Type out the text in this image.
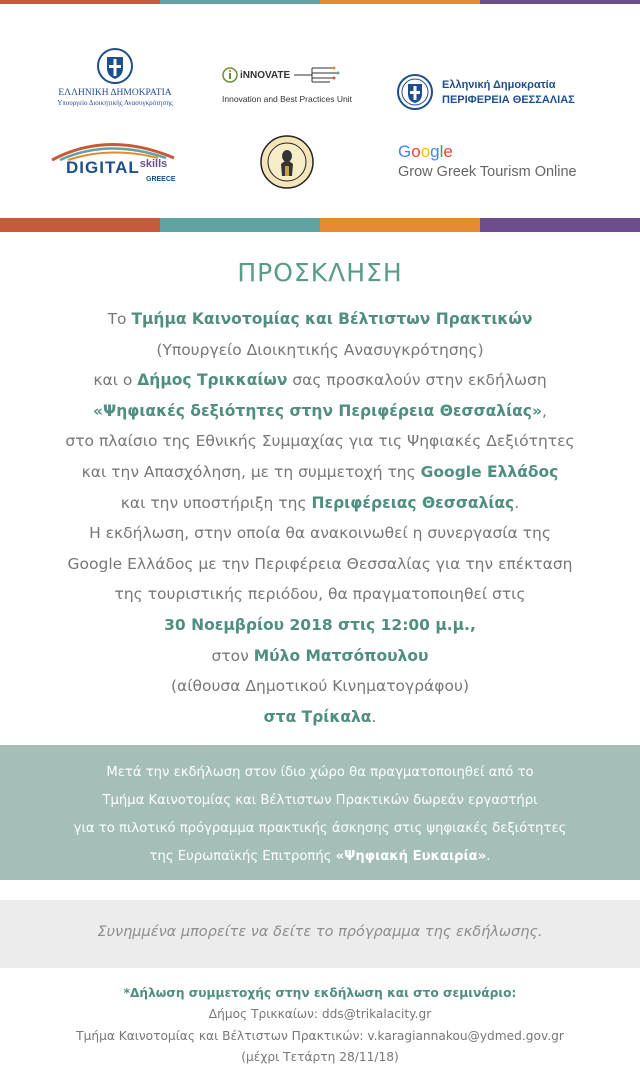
ΕΛΛΗΝΙΚΗ ΔΗΜΟΚΡΑΤΙΑ
Υπουργείο Διοικητικής Ανασυγκρότησης
iNNOVATE
Innovation and Best Practices Unit
Ελληνική Δημοκρατία
ΠΕΡΙΦΕΡΕΙΑ ΘΕΣΣΑΛΙΑΣ
$DIGITAL^{skills}$
GREECE
Google
Grow Greek Tourism Online
ΠΡΟΣΚΛΗΣΗ

Το Τμήμα Καινοτομίας και Βέλτιστων Πρακτικών

(Υπουργείο Διοικητικής Ανασυγκρότησης)

και ο Δήμος Τρικκαίων σας προσκαλούν στην εκδήλωση

«Ψηφιακές δεξιότητες στην Περιφέρεια Θεσσαλίας»,

στο πλαίσιο της Εθνικής Συμμαχίας για τις Ψηφιακές Δεξιότητες

και την Απασχόληση, με τη συμμετοχή της Google Ελλάδος

και την υποστήριξη της Περιφέρειας Θεσσαλίας.

Η εκδήλωση, στην οποία θα ανακοινωθεί η συνεργασία της

Google Ελλάδος με την Περιφέρεια Θεσσαλίας για την επέκταση

της τουριστικής περιόδου, θα πραγματοποιηθεί στις

30 Νοεμβρίου 2018 στις 12:00 μ.μ.,

στον Μύλο Ματσόπουλου

(αίθουσα Δημοτικού Κινηματογράφου)

στα Τρίκαλα.

Μετά την εκδήλωση στον ίδιο χώρο θα πραγματοποιηθεί από το

Τμήμα Καινοτομίας και Βέλτιστων Πρακτικών δωρεάν εργαστήρι

για το πιλοτικό πρόγραμμα πρακτικής άσκησης στις ψηφιακές δεξιότητες

της Ευρωπαϊκής Επιτροπής «Ψηφιακή Ευκαιρία».

Συνημμένα μπορείτε να δείτε το πρόγραμμα της εκδήλωσης.

*Δήλωση συμμετοχής στην εκδήλωση και στο σεμινάριο:

Δήμος Τρικκαίων: dds@trikalacity.gr

Τμήμα Καινοτομίας και Βέλτιστων Πρακτικών: v.karagiannakou@ydmed.gov.gr

(μέχρι Τετάρτη 28/11/18)
